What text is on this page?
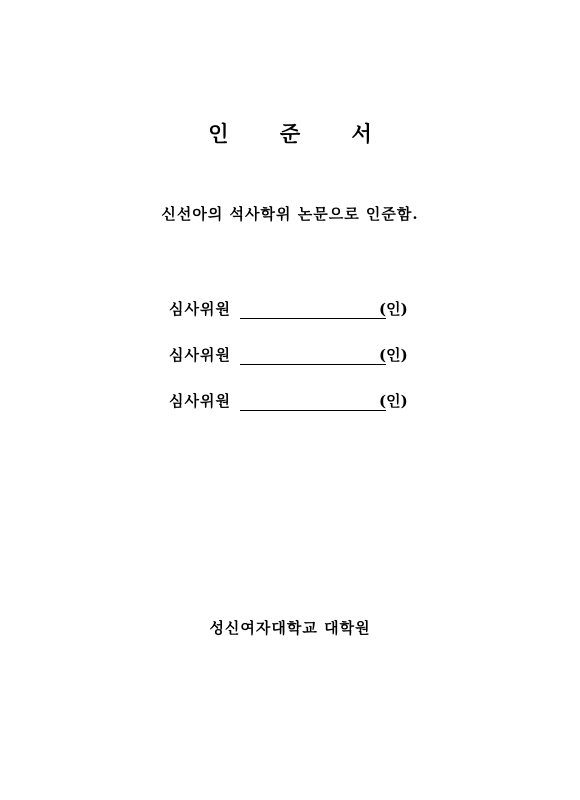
인 준 서
신선아의 석사학위 논문으로 인준함.
심사위원	(인)
심사위원	(인)
심사위원	(인)
성신여자대학교 대학원
